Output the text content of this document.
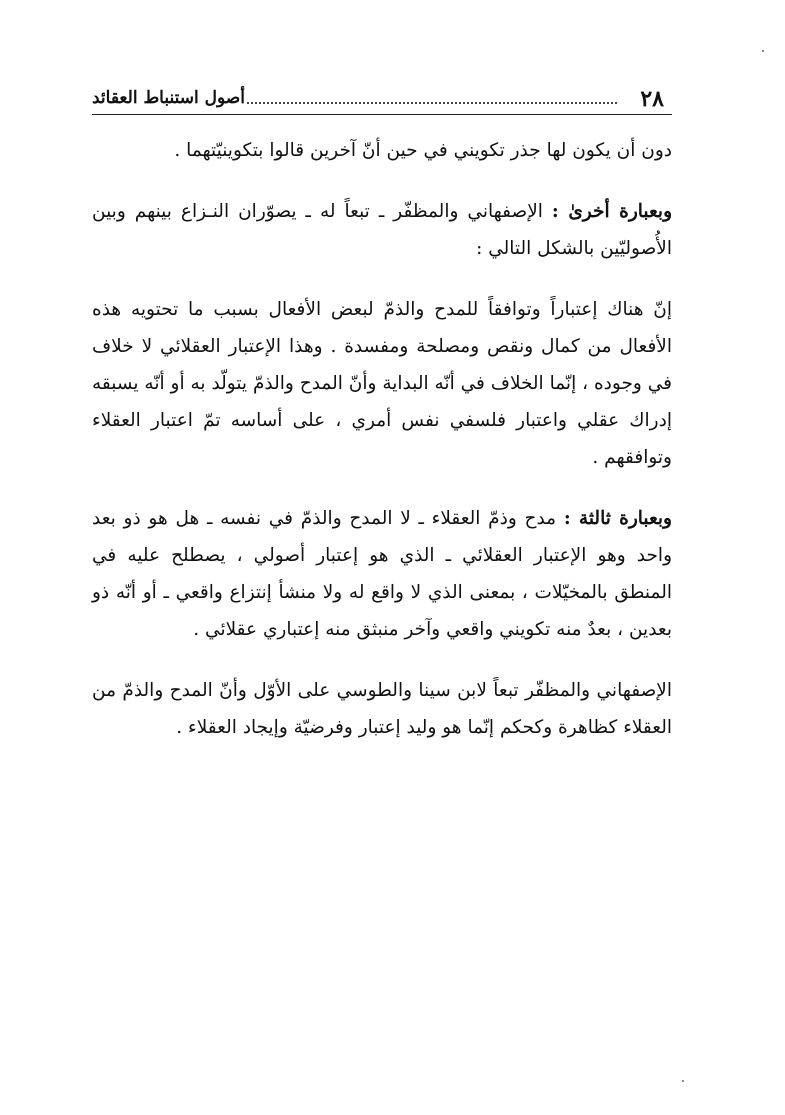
٢٨
أصول استنباط العقائد

دون أن يكون لها جذر تكويني في حين أنّ آخرين قالوا بتكوينيّتهما .

وبعبارة أخرىٰ : الإصفهاني والمظفّر ـ تبعاً له ـ يصوّران النـزاع بينهم وبين الأُصوليّين بالشكل التالي :

إنّ هناك إعتباراً وتوافقاً للمدح والذمّ لبعض الأفعال بسبب ما تحتويه هذه الأفعال من كمال ونقص ومصلحة ومفسدة . وهذا الإعتبار العقلائي لا خلاف في وجوده ، إنّما الخلاف في أنّه البداية وأنّ المدح والذمّ يتولّد به أو أنّه يسبقه إدراك عقلي واعتبار فلسفي نفس أمري ، على أساسه تمّ اعتبار العقلاء وتوافقهم .

وبعبارة ثالثة : مدح وذمّ العقلاء ـ لا المدح والذمّ في نفسه ـ هل هو ذو بعد واحد وهو الإعتبار العقلائي ـ الذي هو إعتبار أصولي ، يصطلح عليه في المنطق بالمخيّلات ، بمعنى الذي لا واقع له ولا منشأ إنتزاع واقعي ـ أو أنّه ذو بعدين ، بعدٌ منه تكويني واقعي وآخر منبثق منه إعتباري عقلائي .

الإصفهاني والمظفّر تبعاً لابن سينا والطوسي على الأوّل وأنّ المدح والذمّ من العقلاء كظاهرة وكحكم إنّما هو وليد إعتبار وفرضيّة وإيجاد العقلاء .
